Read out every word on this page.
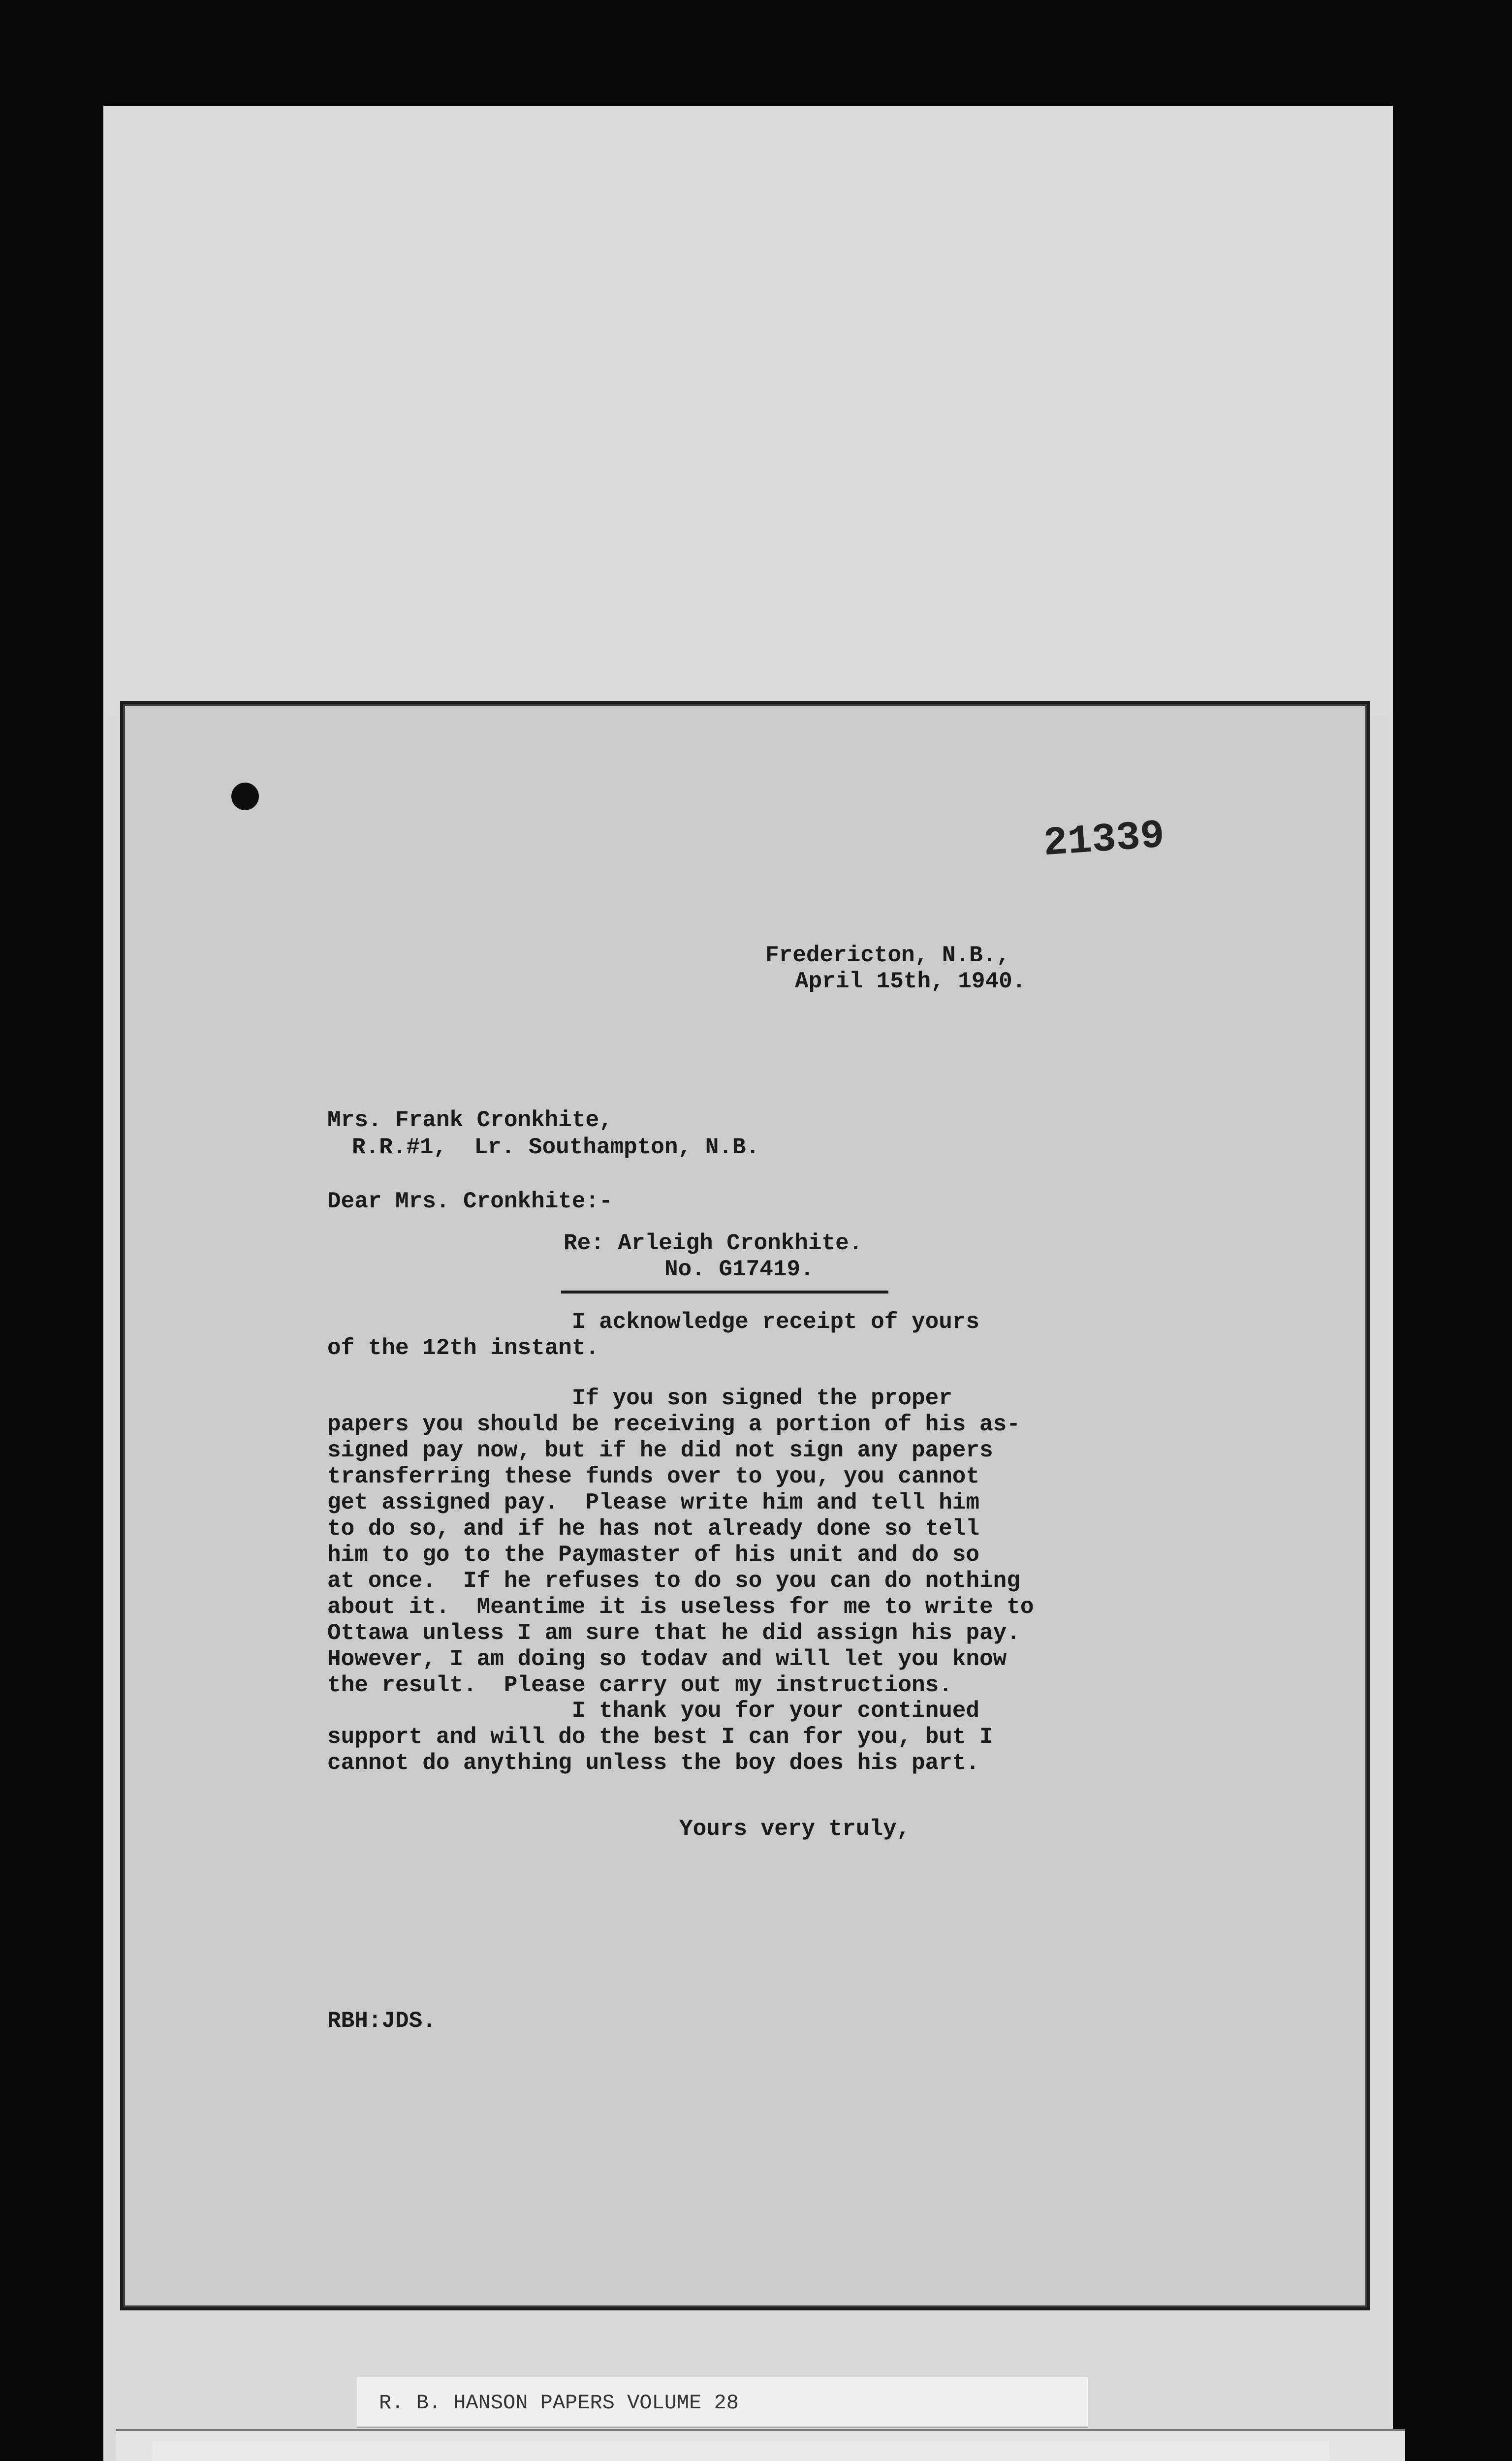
21339
Fredericton, N.B.,
April 15th, 1940.
Mrs. Frank Cronkhite,
R.R.#1,  Lr. Southampton, N.B.
Dear Mrs. Cronkhite:-
Re: Arleigh Cronkhite.
No. G17419.
I acknowledge receipt of yours
of the 12th instant.
If you son signed the proper
papers you should be receiving a portion of his as-
signed pay now, but if he did not sign any papers
transferring these funds over to you, you cannot
get assigned pay.  Please write him and tell him
to do so, and if he has not already done so tell
him to go to the Paymaster of his unit and do so
at once.  If he refuses to do so you can do nothing
about it.  Meantime it is useless for me to write to
Ottawa unless I am sure that he did assign his pay.
However, I am doing so todav and will let you know
the result.  Please carry out my instructions.
I thank you for your continued
support and will do the best I can for you, but I
cannot do anything unless the boy does his part.
Yours very truly,
RBH:JDS.
R. B. HANSON PAPERS VOLUME 28
